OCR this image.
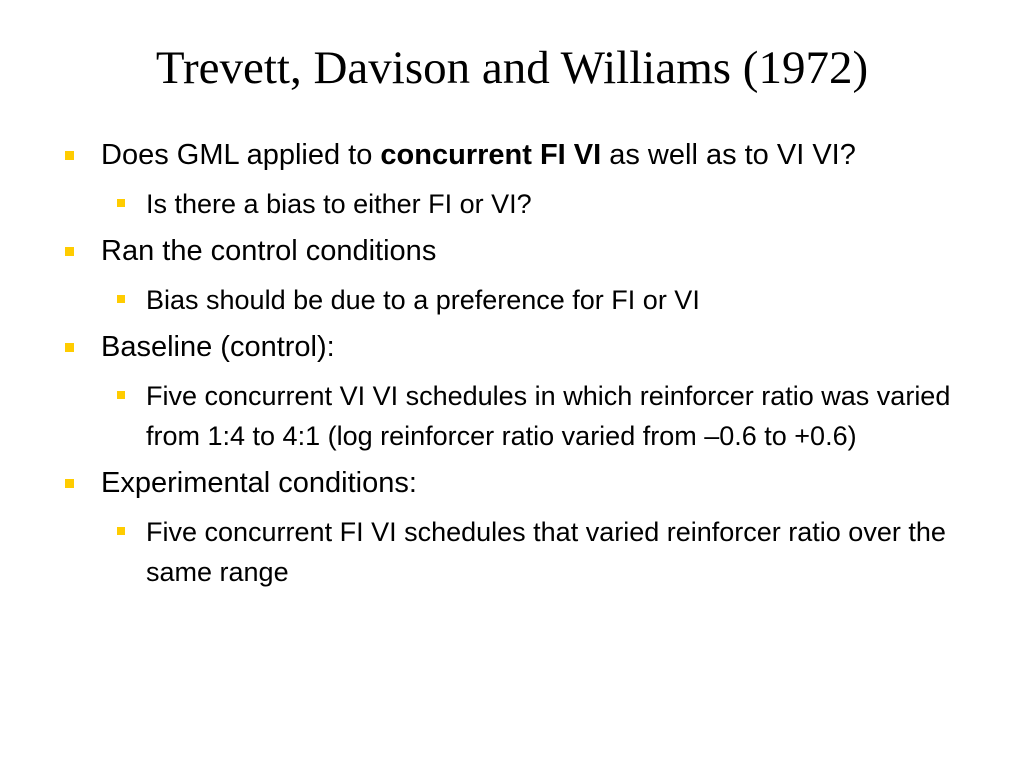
Trevett, Davison and Williams (1972)
Does GML applied to concurrent FI VI as well as to VI VI?
Is there a bias to either FI or VI?
Ran the control conditions
Bias should be due to a preference for FI or VI
Baseline (control):
Five concurrent VI VI schedules in which reinforcer ratio was varied from 1:4 to 4:1 (log reinforcer ratio varied from –0.6 to +0.6)
Experimental conditions:
Five concurrent FI VI schedules that varied reinforcer ratio over the same range
